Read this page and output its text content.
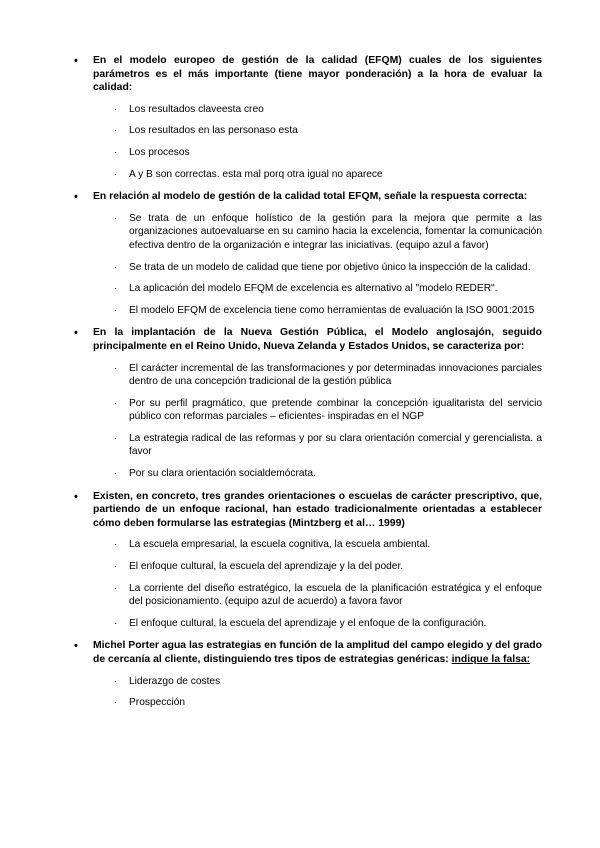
• En el modelo europeo de gestión de la calidad (EFQM) cuales de los siguientes parámetros es el más importante (tiene mayor ponderación) a la hora de evaluar la calidad:
· Los resultados claveesta creo
· Los resultados en las personaso esta
· Los procesos
· A y B son correctas. esta mal porq otra igual no aparece
• En relación al modelo de gestión de la calidad total EFQM, señale la respuesta correcta:
· Se trata de un enfoque holístico de la gestión para la mejora que permite a las organizaciones autoevaluarse en su camino hacia la excelencia, fomentar la comunicación efectiva dentro de la organización e integrar las iniciativas. (equipo azul a favor)
· Se trata de un modelo de calidad que tiene por objetivo único la inspección de la calidad.
· La aplicación del modelo EFQM de excelencia es alternativo al "modelo REDER".
· El modelo EFQM de excelencia tiene como herramientas de evaluación la ISO 9001:2015
• En la implantación de la Nueva Gestión Pública, el Modelo anglosajón, seguido principalmente en el Reino Unido, Nueva Zelanda y Estados Unidos, se caracteriza por:
· El carácter incremental de las transformaciones y por determinadas innovaciones parciales dentro de una concepción tradicional de la gestión pública
· Por su perfil pragmático, que pretende combinar la concepción igualitarista del servicio público con reformas parciales – eficientes- inspiradas en el NGP
· La estrategia radical de las reformas y por su clara orientación comercial y gerencialista. a favor
· Por su clara orientación socialdemócrata.
• Existen, en concreto, tres grandes orientaciones o escuelas de carácter prescriptivo, que, partiendo de un enfoque racional, han estado tradicionalmente orientadas a establecer cómo deben formularse las estrategias (Mintzberg et al… 1999)
· La escuela empresarial, la escuela cognitiva, la escuela ambiental.
· El enfoque cultural, la escuela del aprendizaje y la del poder.
· La corriente del diseño estratégico, la escuela de la planificación estratégica y el enfoque del posicionamiento. (equipo azul de acuerdo) a favora favor
· El enfoque cultural, la escuela del aprendizaje y el enfoque de la configuración.
• Michel Porter agua las estrategias en función de la amplitud del campo elegido y del grado de cercanía al cliente, distinguiendo tres tipos de estrategias genéricas: indique la falsa:
· Liderazgo de costes
· Prospección
